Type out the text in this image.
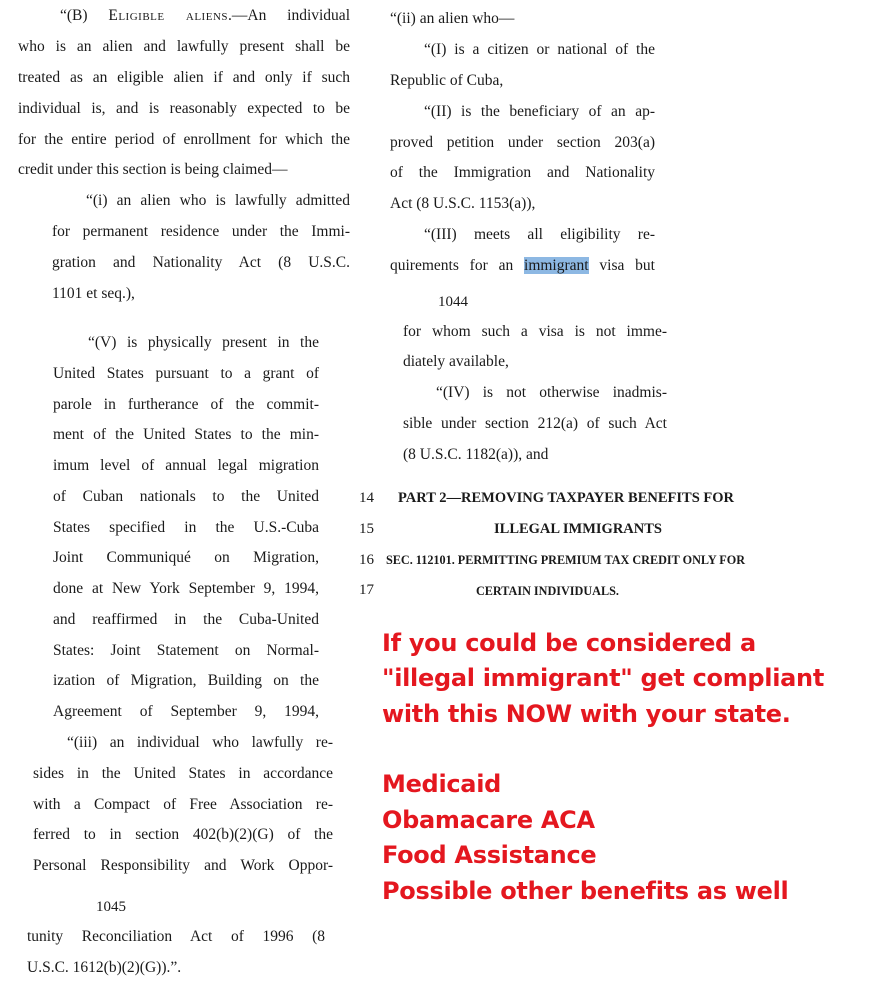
“(B) Eligible aliens.—An individual
who is an alien and lawfully present shall be
treated as an eligible alien if and only if such
individual is, and is reasonably expected to be
for the entire period of enrollment for which the
credit under this section is being claimed—
“(i) an alien who is lawfully admitted
for permanent residence under the Immi-
gration and Nationality Act (8 U.S.C.
1101 et seq.),
“(V) is physically present in the
United States pursuant to a grant of
parole in furtherance of the commit-
ment of the United States to the min-
imum level of annual legal migration
of Cuban nationals to the United
States specified in the U.S.-Cuba
Joint Communiqué on Migration,
done at New York September 9, 1994,
and reaffirmed in the Cuba-United
States: Joint Statement on Normal-
ization of Migration, Building on the
Agreement of September 9, 1994,
“(iii) an individual who lawfully re-
sides in the United States in accordance
with a Compact of Free Association re-
ferred to in section 402(b)(2)(G) of the
Personal Responsibility and Work Oppor-
1045
tunity Reconciliation Act of 1996 (8
U.S.C. 1612(b)(2)(G)).”.
“(ii) an alien who—
“(I) is a citizen or national of the
Republic of Cuba,
“(II) is the beneficiary of an ap-
proved petition under section 203(a)
of the Immigration and Nationality
Act (8 U.S.C. 1153(a)),
“(III) meets all eligibility re-
quirements for an immigrant visa but
1044
for whom such a visa is not imme-
diately available,
“(IV) is not otherwise inadmis-
sible under section 212(a) of such Act
(8 U.S.C. 1182(a)), and
14
15
16
17
PART 2—REMOVING TAXPAYER BENEFITS FOR
ILLEGAL IMMIGRANTS
SEC. 112101. PERMITTING PREMIUM TAX CREDIT ONLY FOR
CERTAIN INDIVIDUALS.
If you could be considered a
"illegal immigrant" get compliant
with this NOW with your state.
Medicaid
Obamacare ACA
Food Assistance
Possible other benefits as well
